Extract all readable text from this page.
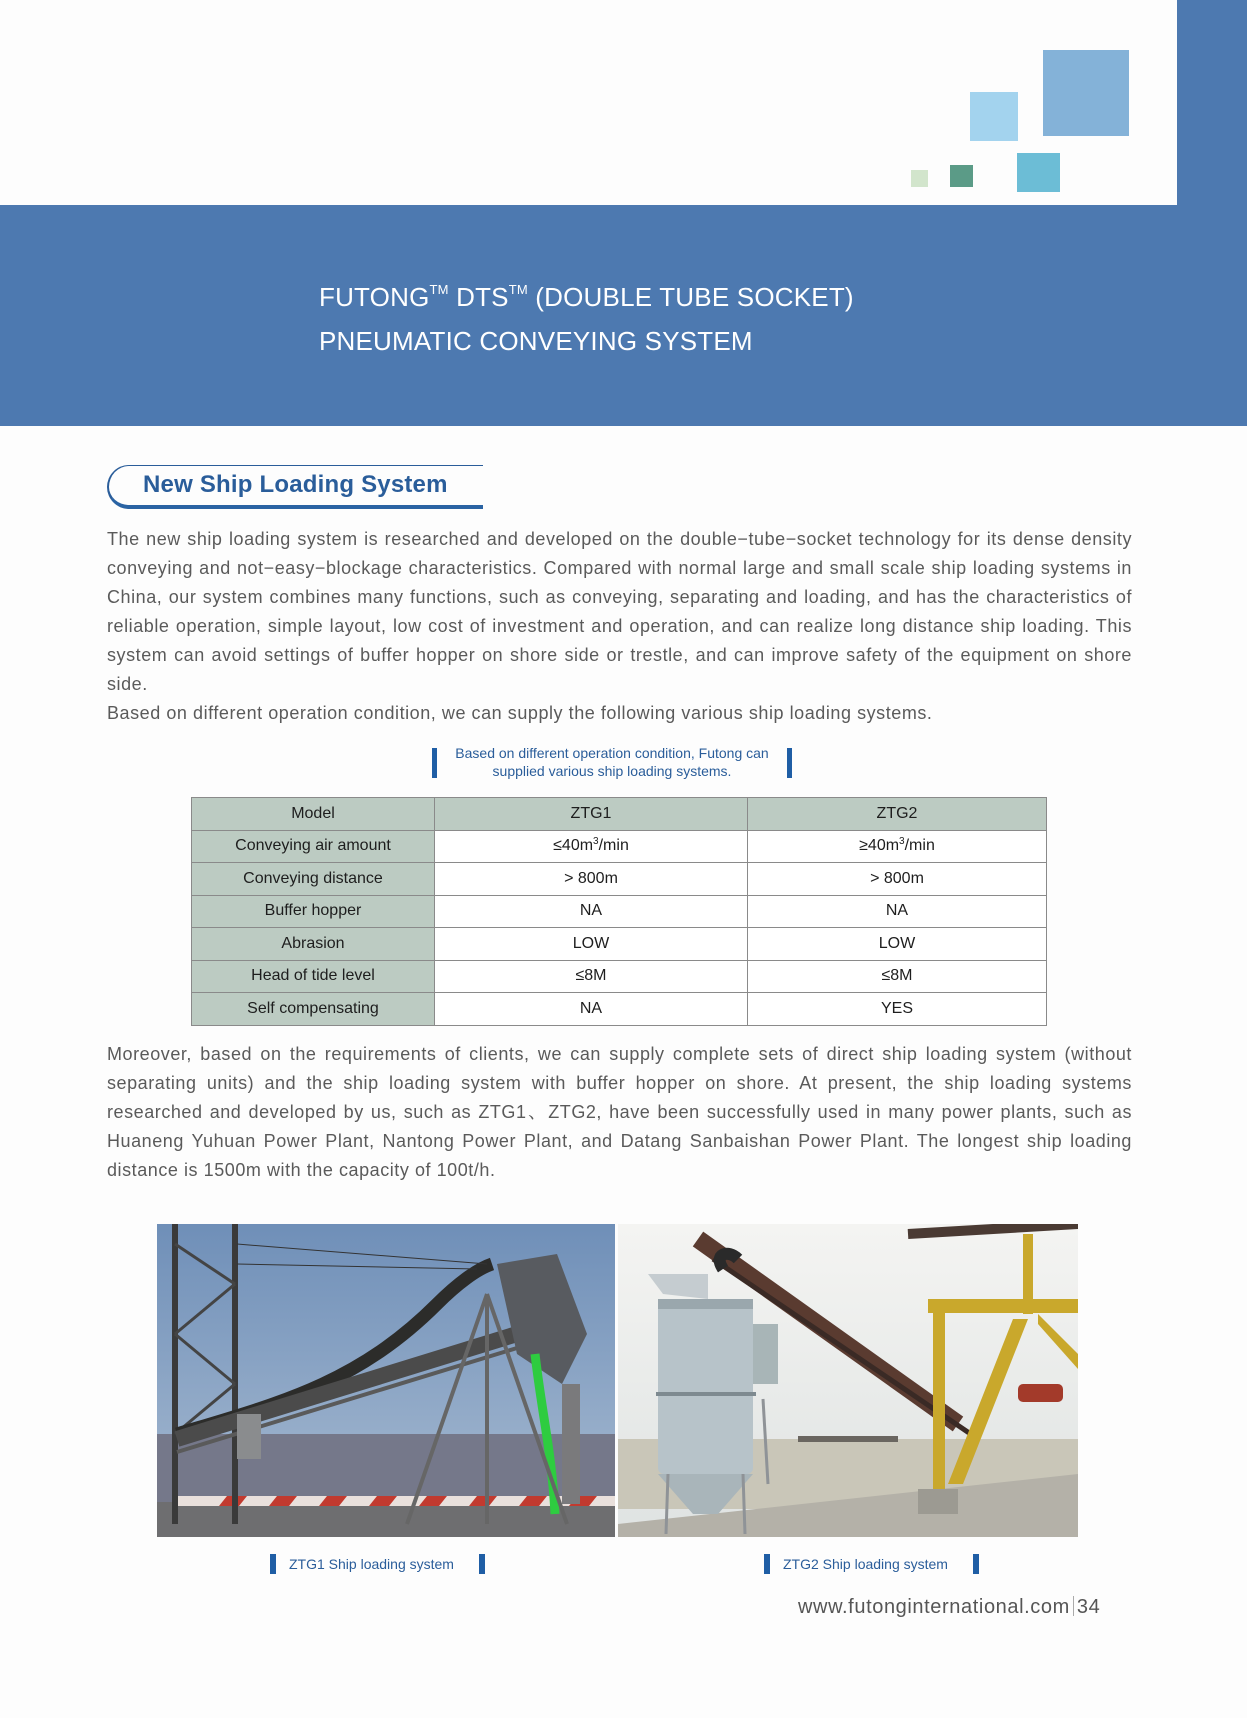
FUTONG™ DTS™ (DOUBLE TUBE SOCKET)
PNEUMATIC CONVEYING SYSTEM
New Ship Loading System

The new ship loading system is researched and developed on the double−tube−socket technology for its dense density conveying and not−easy−blockage characteristics. Compared with normal large and small scale ship loading systems in China, our system combines many functions, such as conveying, separating and loading, and has the characteristics of reliable operation, simple layout, low cost of investment and operation, and can realize long distance ship loading. This system can avoid settings of buffer hopper on shore side or trestle, and can improve safety of the equipment on shore side.

Based on different operation condition, we can supply the following various ship loading systems.

Based on different operation condition, Futong can
supplied various ship loading systems.
Model	ZTG1	ZTG2
Conveying air amount	$\le 40m^3/\min$	$\ge 40m^3/\min$
Conveying distance	> 800m	> 800m
Buffer hopper	NA	NA
Abrasion	LOW	LOW
Head of tide level	≤8M	≤8M
Self compensating	NA	YES

Moreover, based on the requirements of clients, we can supply complete sets of direct ship loading system (without separating units) and the ship loading system with buffer hopper on shore. At present, the ship loading systems researched and developed by us, such as ZTG1、ZTG2, have been successfully used in many power plants, such as Huaneng Yuhuan Power Plant, Nantong Power Plant, and Datang Sanbaishan Power Plant. The longest ship loading distance is 1500m with the capacity of 100t/h.

ZTG1 Ship loading system	ZTG2 Ship loading system
www.futonginternational.com 34
